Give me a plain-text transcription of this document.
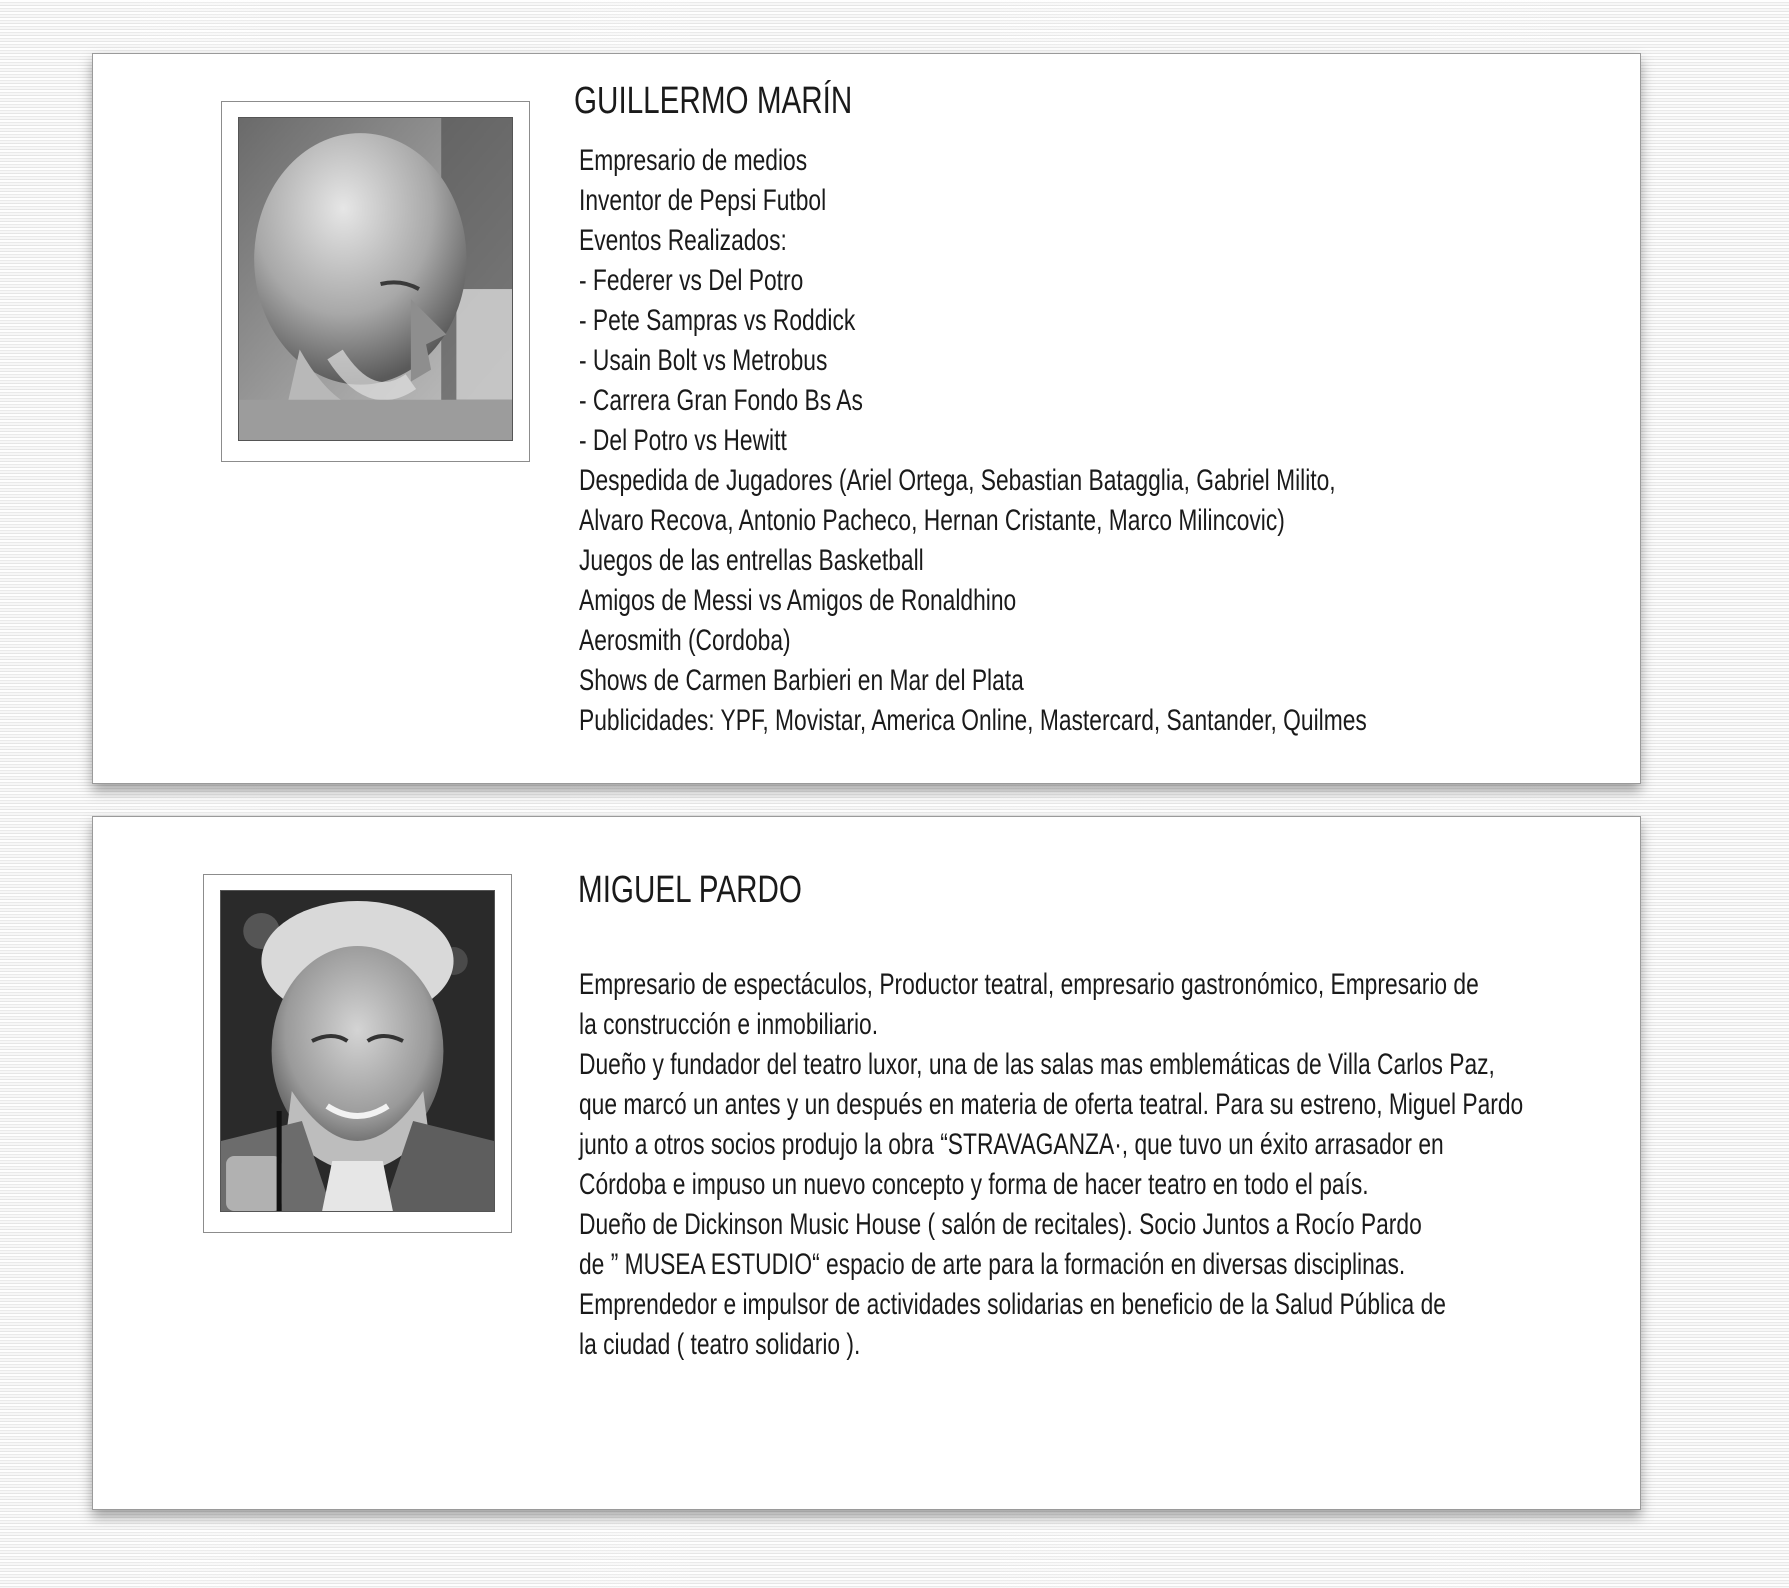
GUILLERMO MARÍN
Empresario de medios
Inventor de Pepsi Futbol
Eventos Realizados:
- Federer vs Del Potro
- Pete Sampras vs Roddick
- Usain Bolt vs Metrobus
- Carrera Gran Fondo Bs As
- Del Potro vs Hewitt
Despedida de Jugadores (Ariel Ortega, Sebastian Batagglia, Gabriel Milito,
Alvaro Recova, Antonio Pacheco, Hernan Cristante, Marco Milincovic)
Juegos de las entrellas Basketball
Amigos de Messi vs Amigos de Ronaldhino
Aerosmith (Cordoba)
Shows de Carmen Barbieri en Mar del Plata
Publicidades: YPF, Movistar, America Online, Mastercard, Santander, Quilmes
MIGUEL PARDO
Empresario de espectáculos, Productor teatral, empresario gastronómico, Empresario de
la construcción e inmobiliario.
Dueño y fundador del teatro luxor, una de las salas mas emblemáticas de Villa Carlos Paz,
que marcó un antes y un después en materia de oferta teatral. Para su estreno, Miguel Pardo
junto a otros socios produjo la obra “STRAVAGANZA·, que tuvo un éxito arrasador en
Córdoba e impuso un nuevo concepto y forma de hacer teatro en todo el país.
Dueño de Dickinson Music House ( salón de recitales). Socio Juntos a Rocío Pardo
de ” MUSEA ESTUDIO“ espacio de arte para la formación en diversas disciplinas.
Emprendedor e impulsor de actividades solidarias en beneficio de la Salud Pública de
la ciudad ( teatro solidario ).
